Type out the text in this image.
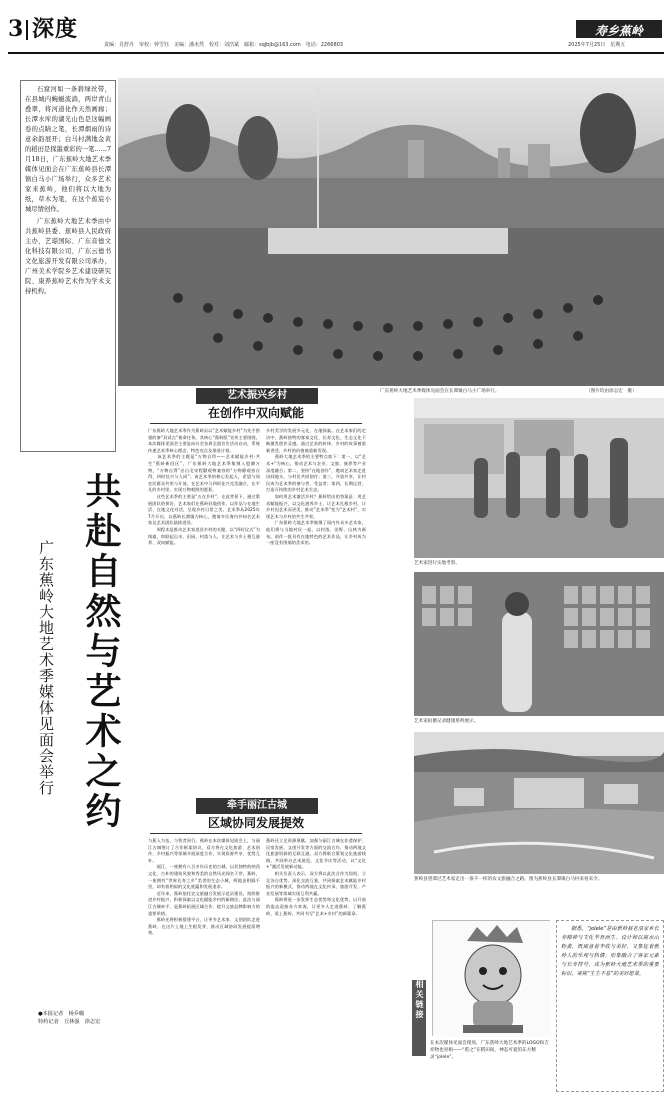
3 深度
责编：肖舒丹　审校：钟雪钰　美编：潘未然　校对：刘浩斌　邮箱：sqjbjb@163.com　电话：2266803
寿乡蕉岭
2025年7月25日　星期五
石窟河如一条碧绿丝带，在县城内蜿蜒流淌，两岸青山叠翠，将河道化作天然画廊；长潭水库的湖光山色是这幅画卷的点睛之笔，长潭烟雨的诗意余韵展开；白马村满地金黄的稻田是探墨重彩的一笔……7月18日，广东蕉岭大地艺术季媒体见面会在广东蕉岭县长潭镇白马小广场举行，众多艺术家来蕉岭，他们将以大地为纸，草木为笔，在这个蕉宸小城尽情创作。
广东蕉岭大地艺术季由中共蕉岭县委、蕉岭县人民政府主办，艺璟国际、广东音德文化科技有限公司、广东云德书文化旅游开发有限公司承办，广州美术学院乡艺术建设研究院、康养蕉岭艺术作为学术支持机构。
广东蕉岭大地艺术季媒体见面会在长潭镇白马小广场举行。	（图片均由徐志宏　摄）
艺术振兴乡村
在创作中双向赋能
广东蕉岭大地艺术季作为蕉岭县以“艺术赋能乡村”为先手搭建的参“双试点”使命任务，其核心“蕉岭版”宣传主要围绕，本次媒体见面会主要是向社会各界全面宣告活动启动，系统传递艺术季核心理念、特色亮点及推进计划。
　　该艺术季的主题是“万物自得——艺术赋能乡村·共生”蕉岭新回区”，广东蕉岭大地艺术季集聚入股腾万物，“万物自得”出自北宋程颢观物兼容的“万物静观皆自得，四时佳兴与人同”。该艺术季的核心发起人，希望与同农民群众共用与开放，在艺术中与四时佳兴完美融合，在平凡的乡村里，实现万物观照的愿景。
　　这些艺术季的主要是“五在乡村”，在此背景下，通过策展团队的探访，艺术家们在蕉岭驻地创作，以作品与在地生活、在地文化对话，呈现乡村日常之美。艺术季从2025年7月开启，以蕉岭长潭镇为核心，邀请多位海内外知名艺术家及艺术团队陆续进驻。
　　周程术是推动艺术家进驻乡村的关键，以“四时仪式”为线索，串联起山水、田园、村落与人，让艺术与乡土相互滋养、双向赋能。
乡村美学的发展多元化，在地探索。在艺术家们的走访中，蕉岭独特的客家文化、长寿文化、生态文化不断激发创作灵感。通过艺术的转译，乡村的故事被重新讲述，乡村的价值被重新发现。
　　蕉岭大地艺术季的主要特点如下：第一，以“艺术+”为核心，推动艺术与农业、文旅、康养等产业深度融合；第二，坚持“在地创作”，邀请艺术家走进田间地头，与村民共同创作；第三，开放共享，让村民成为艺术季的参与者、受益者；第四，长期运营，打造可持续的乡村艺术生态。
　　如何用艺术激活乡村？蕉岭给出的答案是：用艺术赋能振兴，以文化滋养乡土，让艺术扎根乡村，让乡村因艺术而更美，推动“艺术季”变为“艺术村”，实现艺术与乡村的共生共荣。
　　广东蕉岭大地艺术季集聚了国内外众多艺术家，他们将与当地村民一起，以村落、田野、山林为画布，创作一批具有在地特色的艺术作品，让乡村成为一座没有围墙的美术馆。
共赴自然与艺术之约
广东蕉岭大地艺术季媒体见面会举行
●本报记者　杨乔璐
特约记者　丘林强　徐志宏
牵手丽江古城
区域协同发展提效
与蕉入为伍，与智者同行。蕉岭在本次媒体见面会上，与丽江古城签订了合作框架协议，双方将在文化旅游、艺术创作、乡村振兴等领域开展深度合作，实现资源共享、优势互补。
　　丽江，一座拥有八百多年历史的古城，以其独特的纳西文化、古朴的建筑风貌和秀美的自然风光闻名于世。蕉岭，一座拥有“世界长寿之乡”美誉的生态小城，两地虽相隔千里，却有着相似的文化底蕴和发展追求。
　　近年来，蕉岭依托农文旅融合发展示范县建设，持续推进乡村振兴，积极探索以文化赋能乡村的新路径。此次与丽江古城牵手，是蕉岭拓展区域合作、提升文旅品牌影响力的重要举措。
　　蕉岭还将积极搭建平台，让更多艺术家、文创团队走进蕉岭，在这片土地上生根发芽，推动区域协同发展提质增效。
蕉岭还立足资源禀赋，加强与丽江古城在非遗保护、民宿发展、文创开发等方面的交流合作，推动两地文化旅游资源的互联互通。双方将联合策划文化旅游线路，共同举办艺术展览、文化节庆等活动，以“文化+”激活发展新动能。
　　相关负责人表示，双方将以此次合作为契机，立足各自优势，深化交流互鉴，共同探索艺术赋能乡村振兴的新模式，推动两地在文化传承、旅游开发、产业发展等领域实现互利共赢。
　　蕉岭将进一步发挥生态优势和文化优势，以开放的姿态迎接各方来客，让更多人走进蕉岭、了解蕉岭、爱上蕉岭，共同书写“艺术+乡村”的新篇章。
艺术家进行实地考察。
艺术家拍摄记录健康蕉岭展示。
蕉岭县望潭过艺术家走出一条不一样的农文旅融合之路。图为蕉岭县长潭镇白马村来看来令。
相关链接
在本次媒体见面会现场，广东蕉岭大地艺术季的LOGO和吉祥物也亮相——“蕉之”在稻田间、神态可爱的东方精灵“jolele”。
据悉，“jolele”是由蕉岭县老沿家乡长寿精神与文化孕育而生。设计师以寓水山粉黄，既寓意着丰收与美好，又象征着蕉岭人的乐观与热情；形象融合了客家元素与长寿符号，成为蕉岭大地艺术季的重要标识，寄寓“生生不息”的美好愿景。
